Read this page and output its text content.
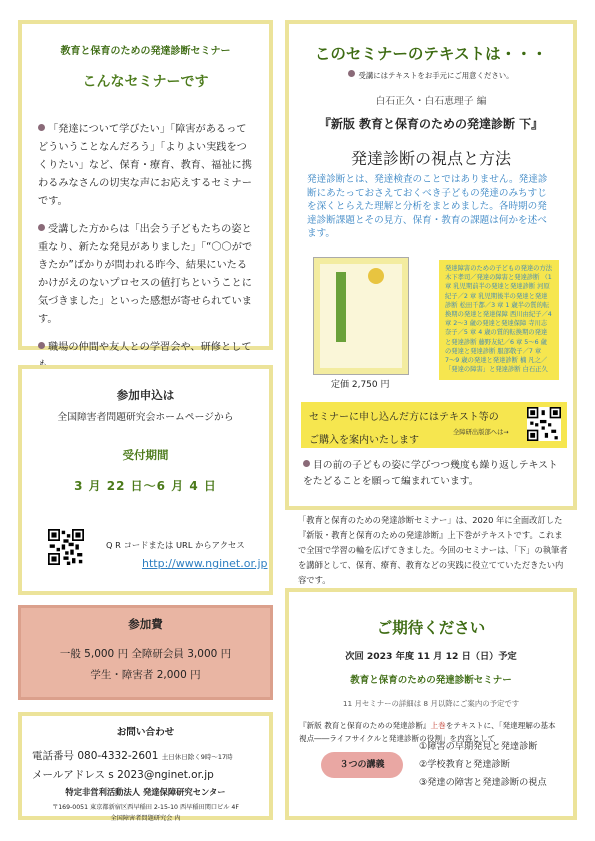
教育と保育のための発達診断セミナー
こんなセミナーです

「発達について学びたい」「障害があるってどういうことなんだろう」「よりよい実践をつくりたい」など、保育・療育、教育、福祉に携わるみなさんの切実な声にお応えするセミナーです。

受講した方からは「出会う子どもたちの姿と重なり、新たな発見がありました」「“〇〇ができたか”ばかりが問われる昨今、結果にいたるかけがえのないプロセスの値打ちということに気づきました」といった感想が寄せられています。

職場の仲間や友人との学習会や、研修として

参加申込は
全国障害者問題研究会ホームページから
受付期間
3 月 22 日〜6 月 4 日
Q R コードまたは URL からアクセス
http://www.nginet.or.jp
参加費
一般 5,000 円 全障研会員 3,000 円
学生・障害者 2,000 円
お問い合わせ
電話番号 080-4332-2601 土日休日除く9時〜17時
メールアドレス s 2023@nginet.or.jp
特定非営利活動法人 発達保障研究センター
〒169-0051 東京都新宿区西早稲田 2-15-10 西早稲田関口ビル 4F
全国障害者問題研究会 内
このセミナーのテキストは・・・
受講にはテキストをお手元にご用意ください。
白石正久・白石恵理子 編
『新版 教育と保育のための発達診断 下』
発達診断の視点と方法
発達診断とは、発達検査のことではありません。発達診断にあたっておさえておくべき子どもの発達のみちすじを深くとらえた理解と分析をまとめました。各時期の発達診断課題とその見方、保育・教育の課題は何かを述べます。
定価 2,750 円
発達障害のための子どもの発達の方法 木下孝司／発達の障害と発達診断 （1 章 乳児期前半の発達と発達診断 河原紀子／2 章 乳児期後半の発達と発達診断 松田千都／3 章 1 歳半の質的転換期の発達と発達保障 西川由紀子／4 章 2〜3 歳の発達と発達保障 寺川志奈子／5 章 4 歳の質的転換期の発達と発達診断 藤野友紀／6 章 5〜6 歳の発達と発達診断 服部敬子／7 章 7〜9 歳の発達と発達診断 楠 凡之／「発達の障害」と発達診断 白石正久
セミナーに申し込んだ方にはテキスト等の
ご購入を案内いたします
全障研出版部へは→
目の前の子どもの姿に学びつつ幾度も繰り返しテキストをたどることを願って編まれています。
「教育と保育のための発達診断セミナー」は、2020 年に全面改訂した『新版・教育と保育のための発達診断』上下巻がテキストです。これまで全国で学習の輪を広げてきました。今回のセミナーは、「下」の執筆者を講師として、保育、療育、教育などの実践に役立てていただきたい内容です。
ご期待ください
次回 2023 年度 11 月 12 日（日）予定
教育と保育のための発達診断セミナー
11 月セミナーの詳細は 8 月以降にご案内の予定です
『新版 教育と保育のための発達診断』上巻をテキストに、「発達理解の基本視点――ライフサイクルと発達診断の役割」を内容として
３つの講義
①障害の早期発見と発達診断
②学校教育と発達診断
③発達の障害と発達診断の視点
